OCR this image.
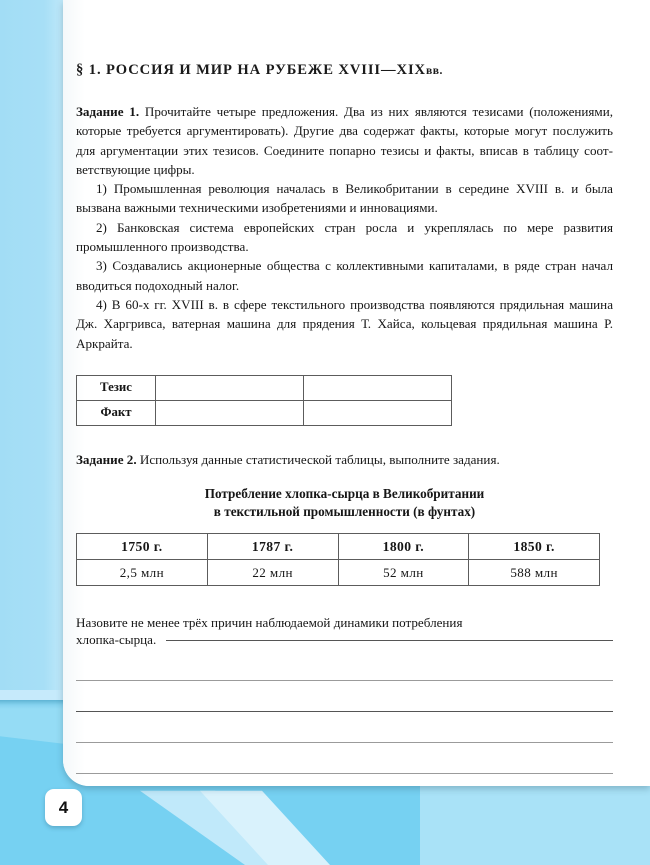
§ 1. РОССИЯ И МИР НА РУБЕЖЕ XVIII—XIXвв.

Задание 1. Прочитайте четыре предложения. Два из них являются тезисами (положениями, которые требуется аргументировать). Другие два содержат факты, которые могут послужить для аргументации этих тезисов. Соедините попарно тезисы и факты, вписав в таблицу соответствующие цифры.

1) Промышленная революция началась в Великобритании в середине XVIII в. и была вызвана важными техническими изобретениями и инновациями.

2) Банковская система европейских стран росла и укреплялась по мере развития промышленного производства.

3) Создавались акционерные общества с коллективными капиталами, в ряде стран начал вводиться подоходный налог.

4) В 60-х гг. XVIII в. в сфере текстильного производства появляются прядильная машина Дж. Харгривса, ватерная машина для прядения Т. Хайса, кольцевая прядильная машина Р. Аркрайта.

Тезис		
Факт		

Задание 2. Используя данные статистической таблицы, выполните задания.

Потребление хлопка-сырца в Великобритании
в текстильной промышленности (в фунтах)
1750 г.	1787 г.	1800 г.	1850 г.
2,5 млн	22 млн	52 млн	588 млн

Назовите не менее трёх причин наблюдаемой динамики потребления

хлопка-сырца.
4
